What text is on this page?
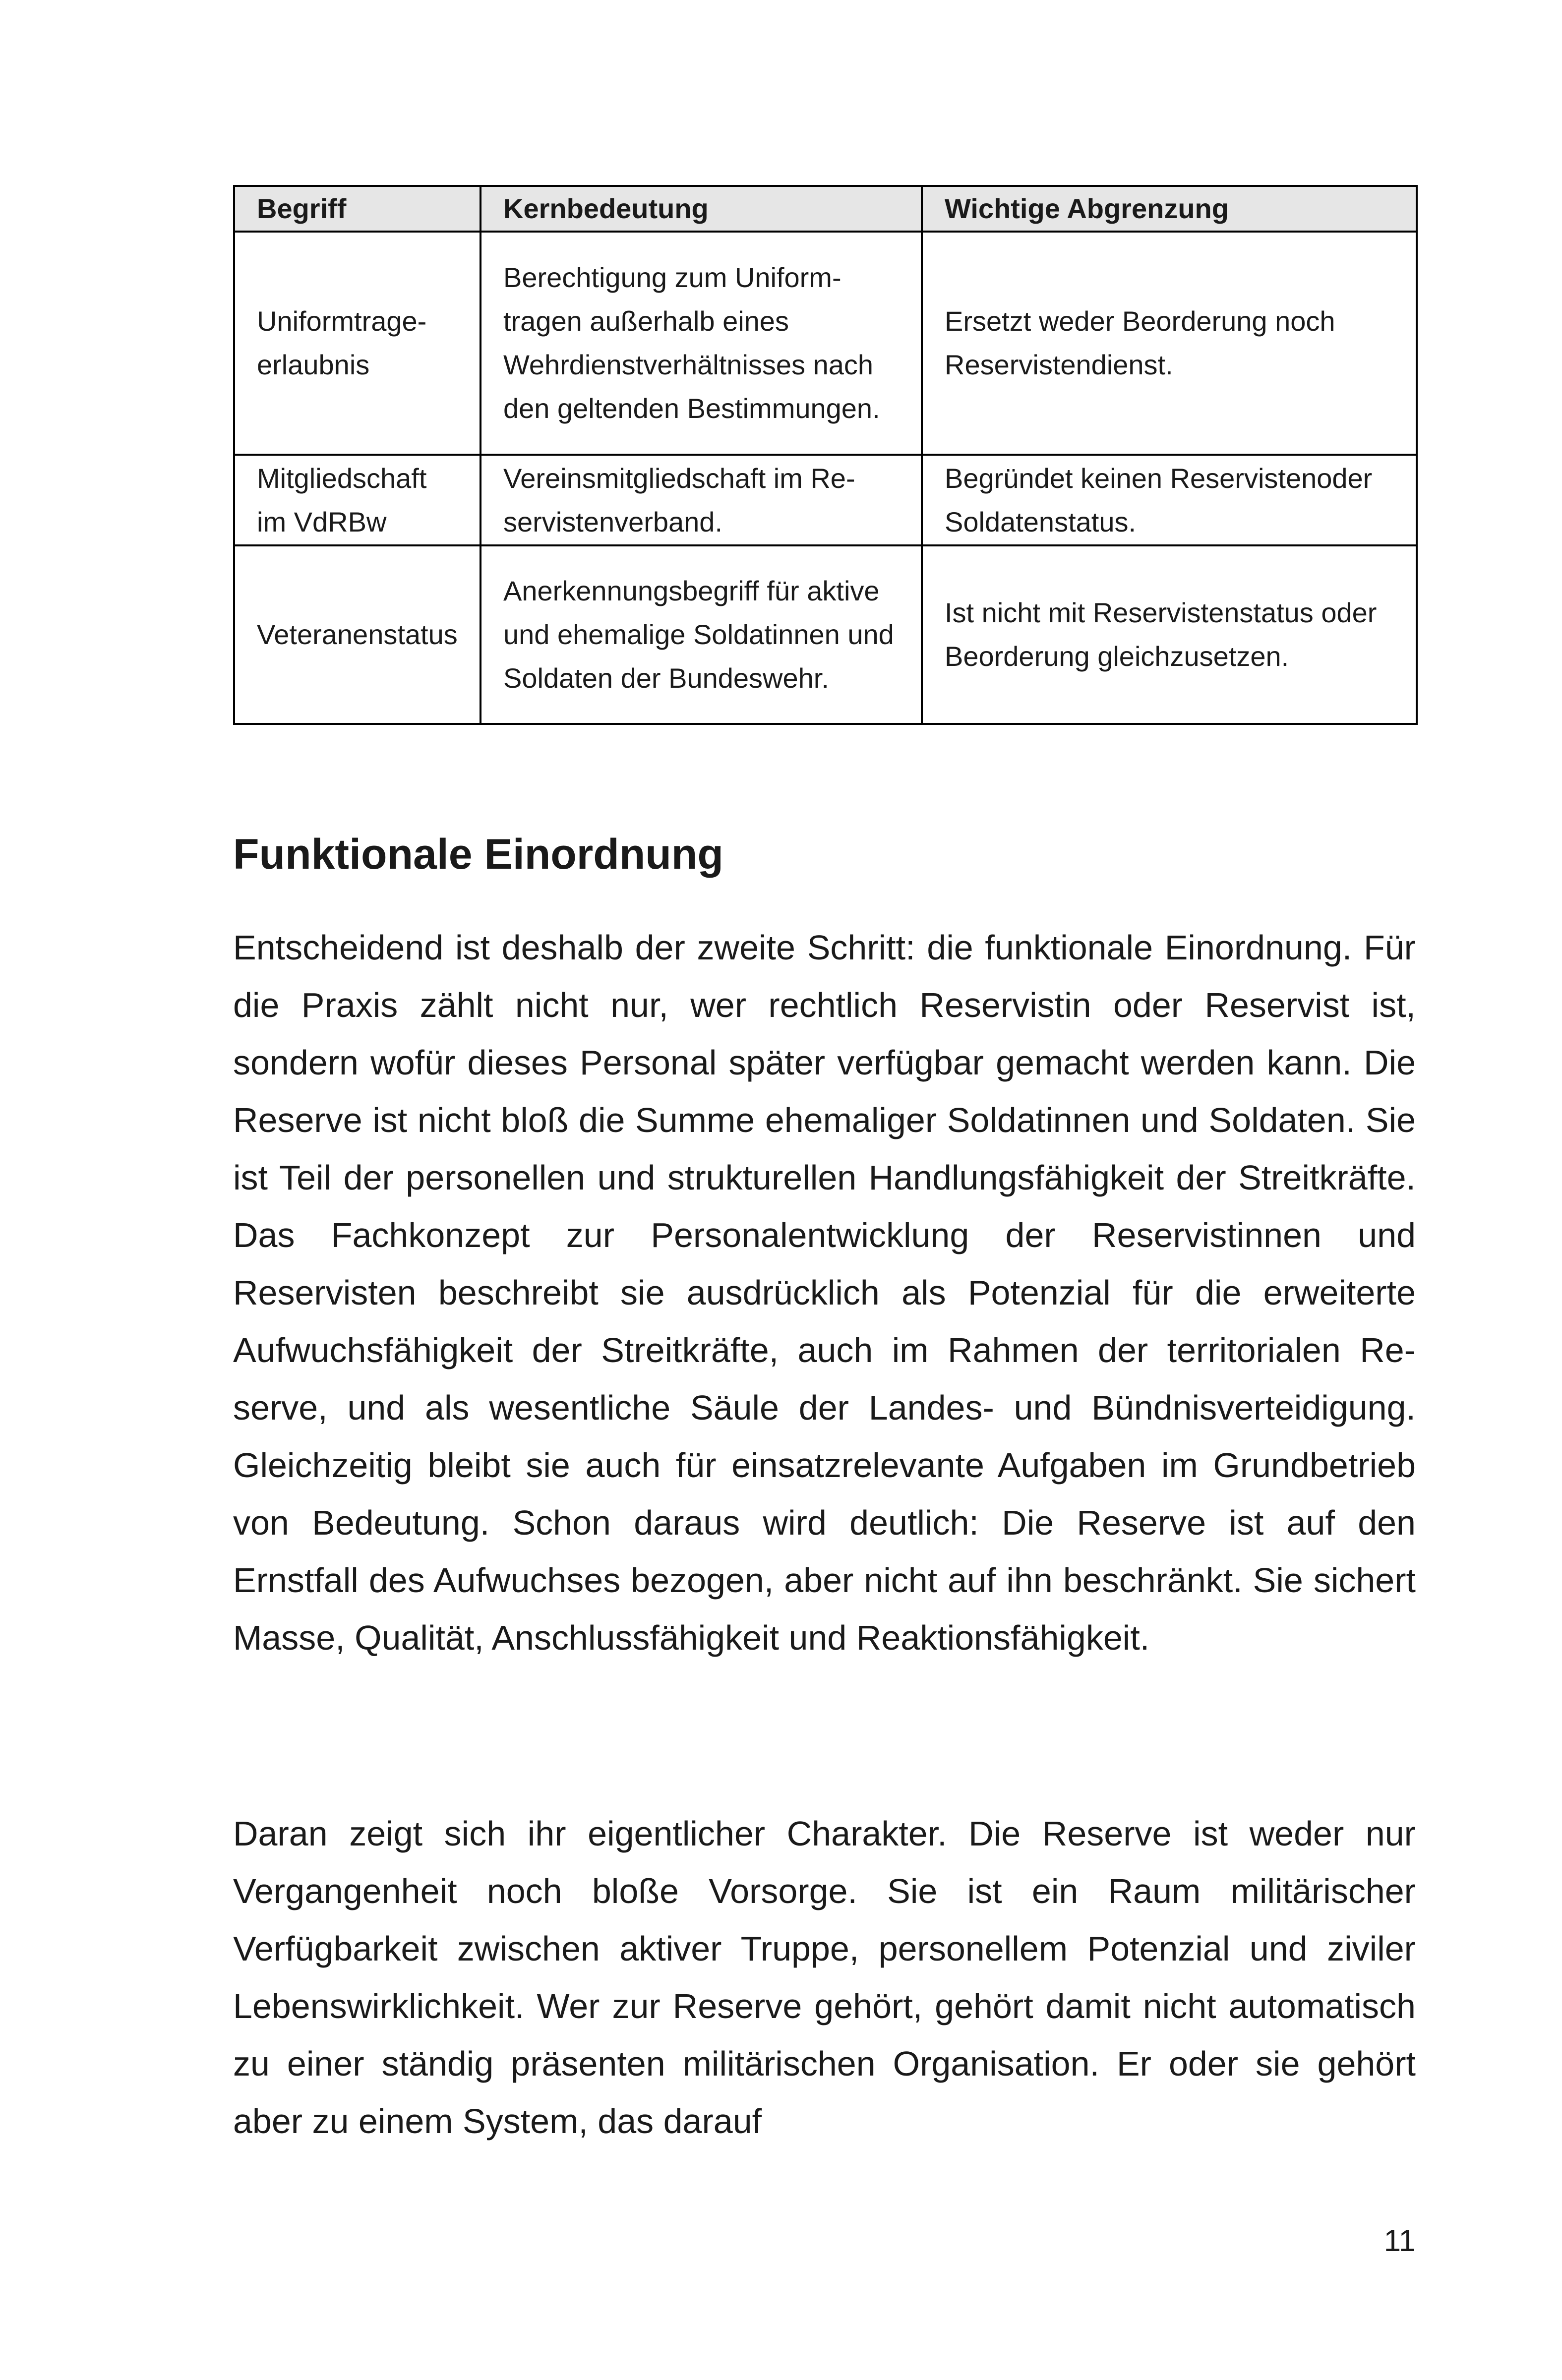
Begriff	Kernbedeutung	Wichtige Abgrenzung
Uniformtrageerlaubnis	Berechtigung zum Uniformtragen außerhalb eines Wehrdienstverhältnisses nach den geltenden Bestimmungen.	Ersetzt weder Beorderung noch Reservistendienst.
Mitgliedschaft im VdRBw	Vereinsmitgliedschaft im Reservistenverband.	Begründet keinen Reservistenoder Soldatenstatus.
Veteranenstatus	Anerkennungsbegriff für aktive und ehemalige Soldatinnen und Soldaten der Bundeswehr.	Ist nicht mit Reservistenstatus oder Beorderung gleichzusetzen.
Funktionale Einordnung

Entscheidend ist deshalb der zweite Schritt: die funktionale Einordnung. Für die Praxis zählt nicht nur, wer rechtlich Reservistin oder Reservist ist, sondern wofür dieses Personal später verfügbar gemacht werden kann. Die Reserve ist nicht bloß die Summe ehemaliger Soldatinnen und Soldaten. Sie ist Teil der personellen und strukturellen Handlungsfähigkeit der Streitkräfte. Das Fachkonzept zur Personalentwicklung der Reservistinnen und Reservisten beschreibt sie ausdrücklich als Potenzial für die erweiterte Aufwuchsfähigkeit der Streitkräfte, auch im Rahmen der territorialen Reserve, und als wesentliche Säule der Landes- und Bündnisverteidigung. Gleichzeitig bleibt sie auch für einsatzrelevante Aufgaben im Grundbetrieb von Bedeutung. Schon daraus wird deutlich: Die Reserve ist auf den Ernstfall des Aufwuchses bezogen, aber nicht auf ihn beschränkt. Sie sichert Masse, Qualität, Anschlussfähigkeit und Reaktionsfähigkeit.

Daran zeigt sich ihr eigentlicher Charakter. Die Reserve ist weder nur Vergangenheit noch bloße Vorsorge. Sie ist ein Raum militärischer Verfügbarkeit zwischen aktiver Truppe, personellem Potenzial und ziviler Lebenswirklichkeit. Wer zur Reserve gehört, gehört damit nicht automatisch zu einer ständig präsenten militärischen Organisation. Er oder sie gehört aber zu einem System, das darauf

11
